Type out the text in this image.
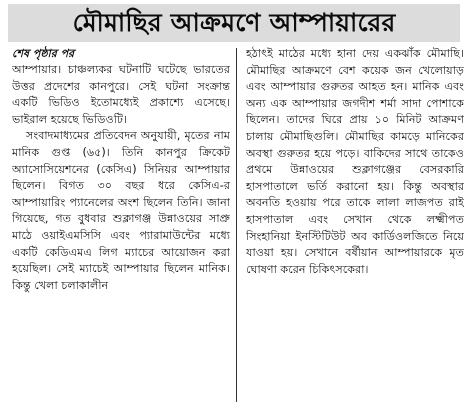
মৌমাছির আক্রমণে আম্পায়ারের
শেষ পৃষ্ঠার পর

আম্পায়ার। চাঞ্চল্যকর ঘটনাটি ঘটেছে ভারতের উত্তর প্রদেশের কানপুরে। সেই ঘটনা সংক্রান্ত একটি ভিডিও ইতোমধ্যেই প্রকাশ্যে এসেছে। ভাইরাল হয়েছে ভিডিওটি।

সংবাদমাধ্যমের প্রতিবেদন অনুযায়ী, মৃতের নাম মানিক গুপ্ত (৬৫)। তিনি কানপুর ক্রিকেট অ্যাসোসিয়েশনের (কেসিএ) সিনিয়র আম্পায়ার ছিলেন। বিগত ৩০ বছর ধরে কেসিএ-র আম্পায়ারিং প্যানেলের অংশ ছিলেন তিনি। জানা গিয়েছে, গত বুধবার শুক্লাগঞ্জ উন্নাওয়ের সাপ্রু মাঠে ওয়াইএমসিসি এবং প্যারামাউন্টের মধ্যে একটি কেডিএমএ লিগ ম্যাচের আয়োজন করা হয়েছিল। সেই ম্যাচেই আম্পায়ার ছিলেন মানিক। কিন্তু খেলা চলাকালীন

হঠাৎই মাঠের মধ্যে হানা দেয় একঝাঁক মৌমাছি। মৌমাছির আক্রমণে বেশ কয়েক জন খেলোয়াড় এবং আম্পায়ার গুরুতর আহত হন। মানিক এবং অন্য এক আম্পায়ার জগদীশ শর্মা সাদা পোশাকে ছিলেন। তাদের ঘিরে প্রায় ১০ মিনিট আক্রমণ চালায় মৌমাছিগুলি। মৌমাছির কামড়ে মানিকের অবস্থা গুরুতর হয়ে পড়ে। বাকিদের সাথে তাকেও প্রথমে উন্নাওয়ের শুক্লাগঞ্জের বেসরকারি হাসপাতালে ভর্তি করানো হয়। কিন্তু অবস্থার অবনতি হওয়ায় পরে তাকে লালা লাজপত রাই হাসপাতাল এবং সেখান থেকে লক্ষ্মীপত সিংহানিয়া ইনস্টিটিউট অব কার্ডিওলজিতে নিয়ে যাওয়া হয়। সেখানে বর্ষীয়ান আম্পায়ারকে মৃত ঘোষণা করেন চিকিৎসকেরা।
